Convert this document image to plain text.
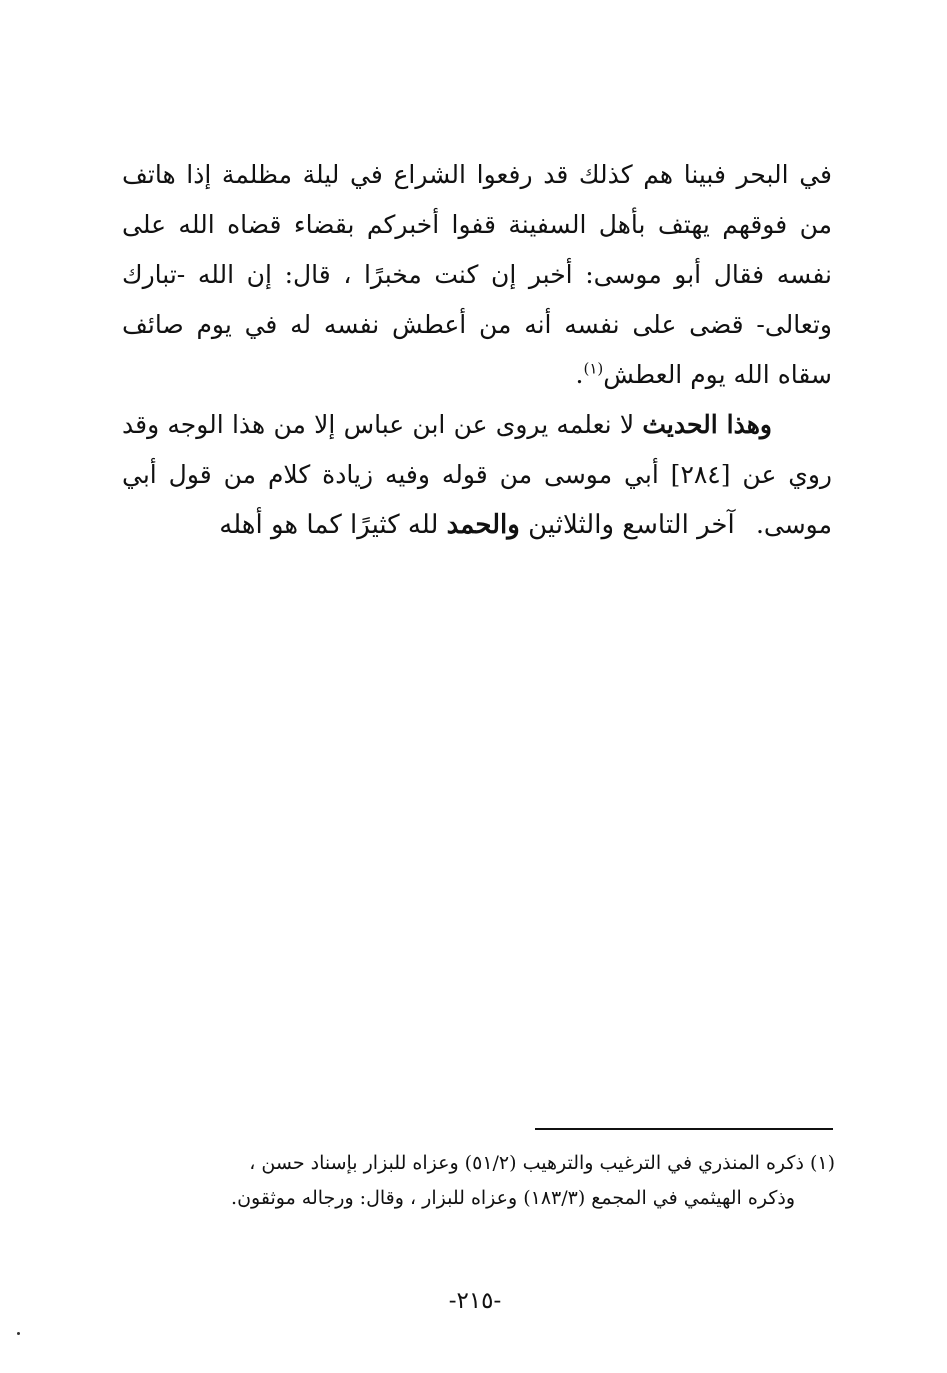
في البحر فبينا هم كذلك قد رفعوا الشراع في ليلة مظلمة إذا هاتف من فوقهم يهتف بأهل السفينة قفوا أخبركم بقضاء قضاه الله على نفسه فقال أبو موسى: أخبر إن كنت مخبرًا ، قال: إن الله -تبارك وتعالى- قضى على نفسه أنه من أعطش نفسه له في يوم صائف سقاه الله يوم العطش$^{(١)}$.

وهذا الحديث لا نعلمه يروى عن ابن عباس إلا من هذا الوجه وقد روي عن [٢٨٤] أبي موسى من قوله وفيه زيادة كلام من قول أبي موسى.

آخر التاسع والثلاثين والحمد لله كثيرًا كما هو أهله

(١) ذكره المنذري في الترغيب والترهيب (٥١/٢) وعزاه للبزار بإسناد حسن ،

وذكره الهيثمي في المجمع (١٨٣/٣) وعزاه للبزار ، وقال: ورجاله موثقون.

-٢١٥-
